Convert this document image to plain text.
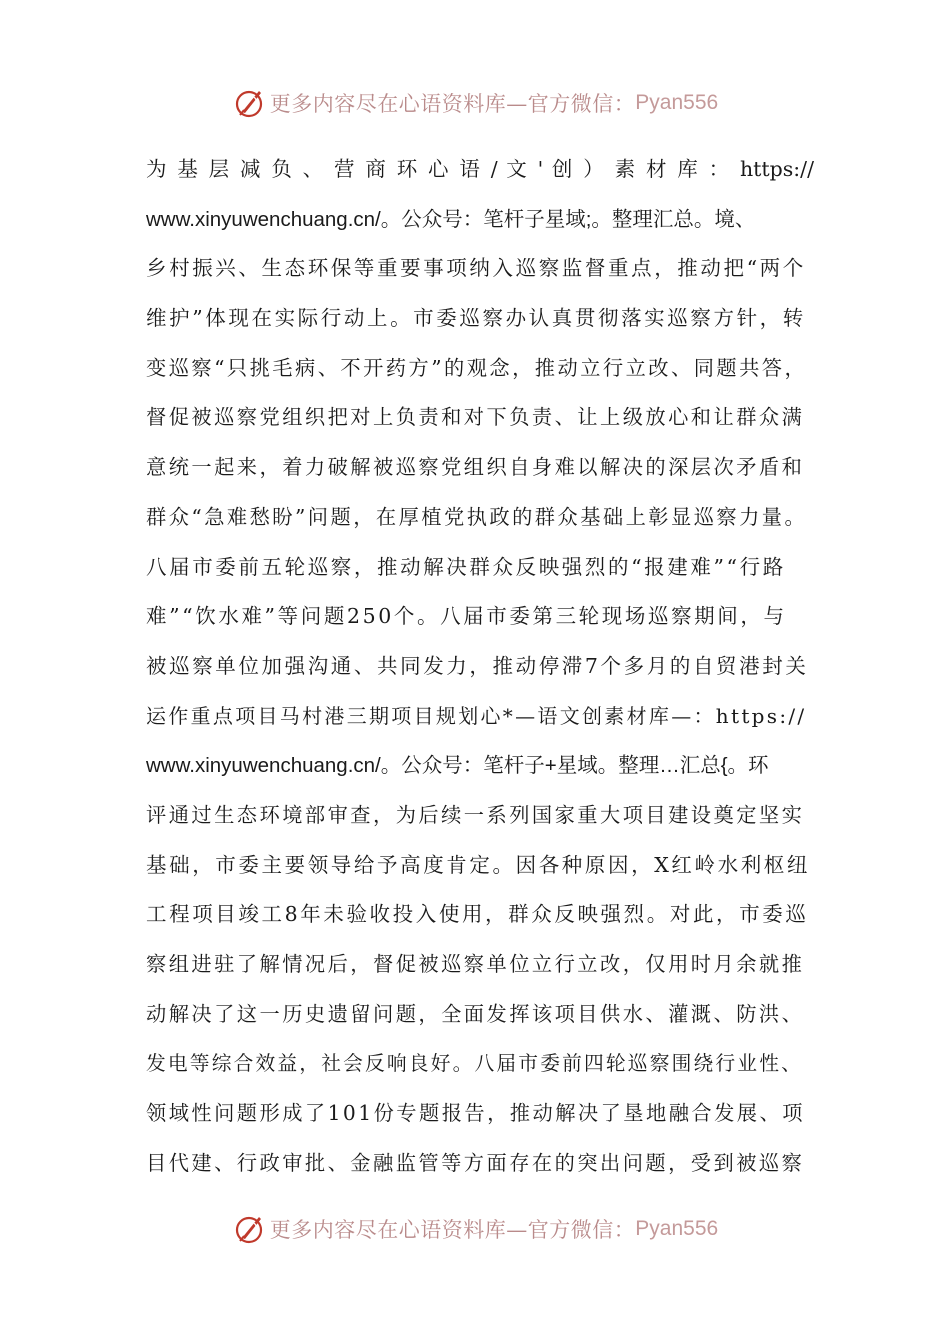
更多内容尽在心语资料库—官方微信： Pyan556
为 基 层 减 负 、 营 商 环 心 语 / 文 ' 创 ） 素 材 库 ： https://
www.xinyuwenchuang.cn/。公众号：笔杆子星域;。整理汇总。境、
乡村振兴、生态环保等重要事项纳入巡察监督重点，推动把“两个
维护”体现在实际行动上。市委巡察办认真贯彻落实巡察方针，转
变巡察“只挑毛病、不开药方”的观念，推动立行立改、同题共答，
督促被巡察党组织把对上负责和对下负责、让上级放心和让群众满
意统一起来，着力破解被巡察党组织自身难以解决的深层次矛盾和
群众“急难愁盼”问题，在厚植党执政的群众基础上彰显巡察力量。
八届市委前五轮巡察，推动解决群众反映强烈的“报建难”“行路
难”“饮水难”等问题250个。八届市委第三轮现场巡察期间，与
被巡察单位加强沟通、共同发力，推动停滞7个多月的自贸港封关
运作重点项目马村港三期项目规划心*—语文创素材库—：https://
www.xinyuwenchuang.cn/。公众号：笔杆子+星域。整理…汇总{。环
评通过生态环境部审查，为后续一系列国家重大项目建设奠定坚实
基础，市委主要领导给予高度肯定。因各种原因，X红岭水利枢纽
工程项目竣工8年未验收投入使用，群众反映强烈。对此，市委巡
察组进驻了解情况后，督促被巡察单位立行立改，仅用时月余就推
动解决了这一历史遗留问题，全面发挥该项目供水、灌溉、防洪、
发电等综合效益，社会反响良好。八届市委前四轮巡察围绕行业性、
领域性问题形成了101份专题报告，推动解决了垦地融合发展、项
目代建、行政审批、金融监管等方面存在的突出问题，受到被巡察
更多内容尽在心语资料库—官方微信： Pyan556
